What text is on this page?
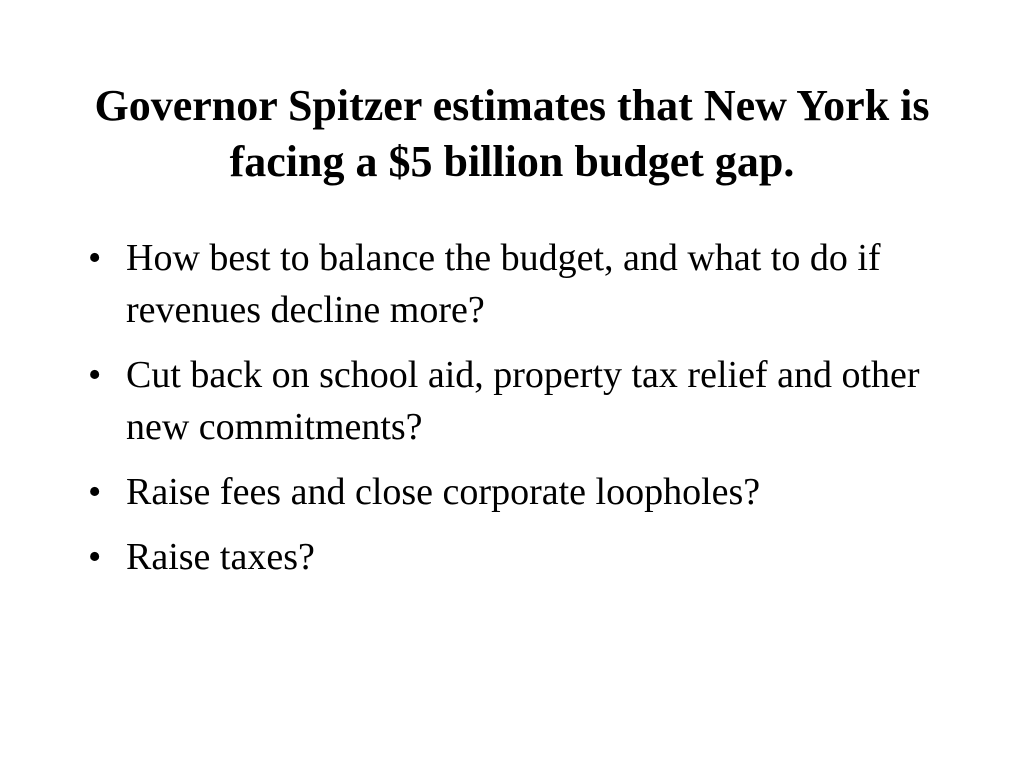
Governor Spitzer estimates that New York is facing a $5 billion budget gap.
• How best to balance the budget, and what to do if revenues decline more?
• Cut back on school aid, property tax relief and other new commitments?
• Raise fees and close corporate loopholes?
• Raise taxes?
